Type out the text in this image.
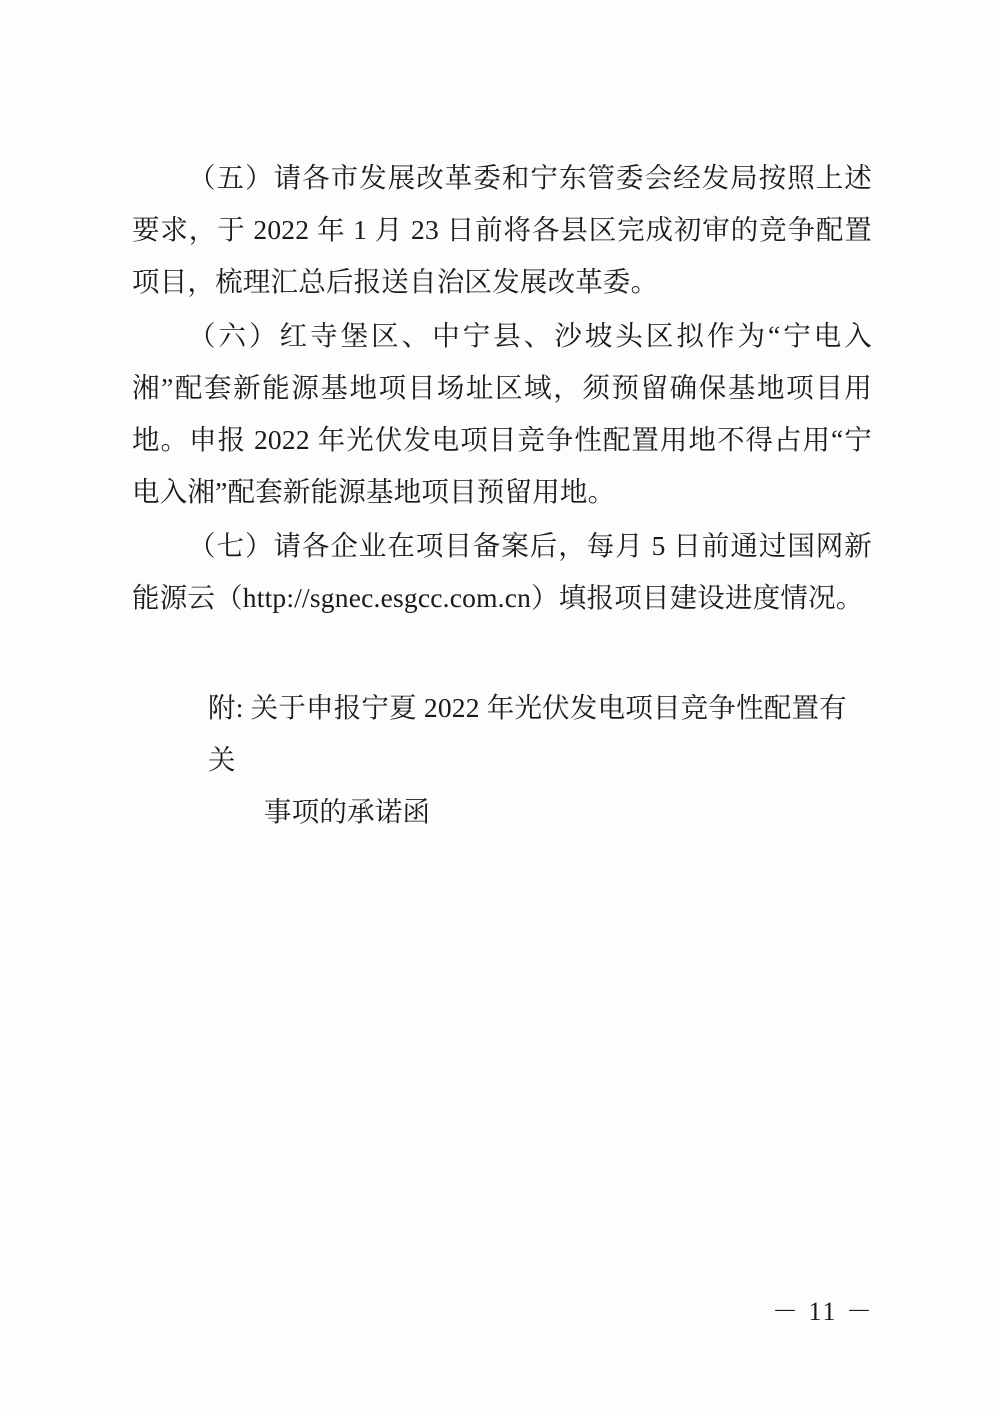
（五）请各市发展改革委和宁东管委会经发局按照上述要求，于 2022 年 1 月 23 日前将各县区完成初审的竞争配置项目，梳理汇总后报送自治区发展改革委。

（六）红寺堡区、中宁县、沙坡头区拟作为“宁电入湘”配套新能源基地项目场址区域，须预留确保基地项目用地。申报 2022 年光伏发电项目竞争性配置用地不得占用“宁电入湘”配套新能源基地项目预留用地。

（七）请各企业在项目备案后，每月 5 日前通过国网新能源云（http://sgnec.esgcc.com.cn）填报项目建设进度情况。

附: 关于申报宁夏 2022 年光伏发电项目竞争性配置有关
事项的承诺函
－ 11 －
